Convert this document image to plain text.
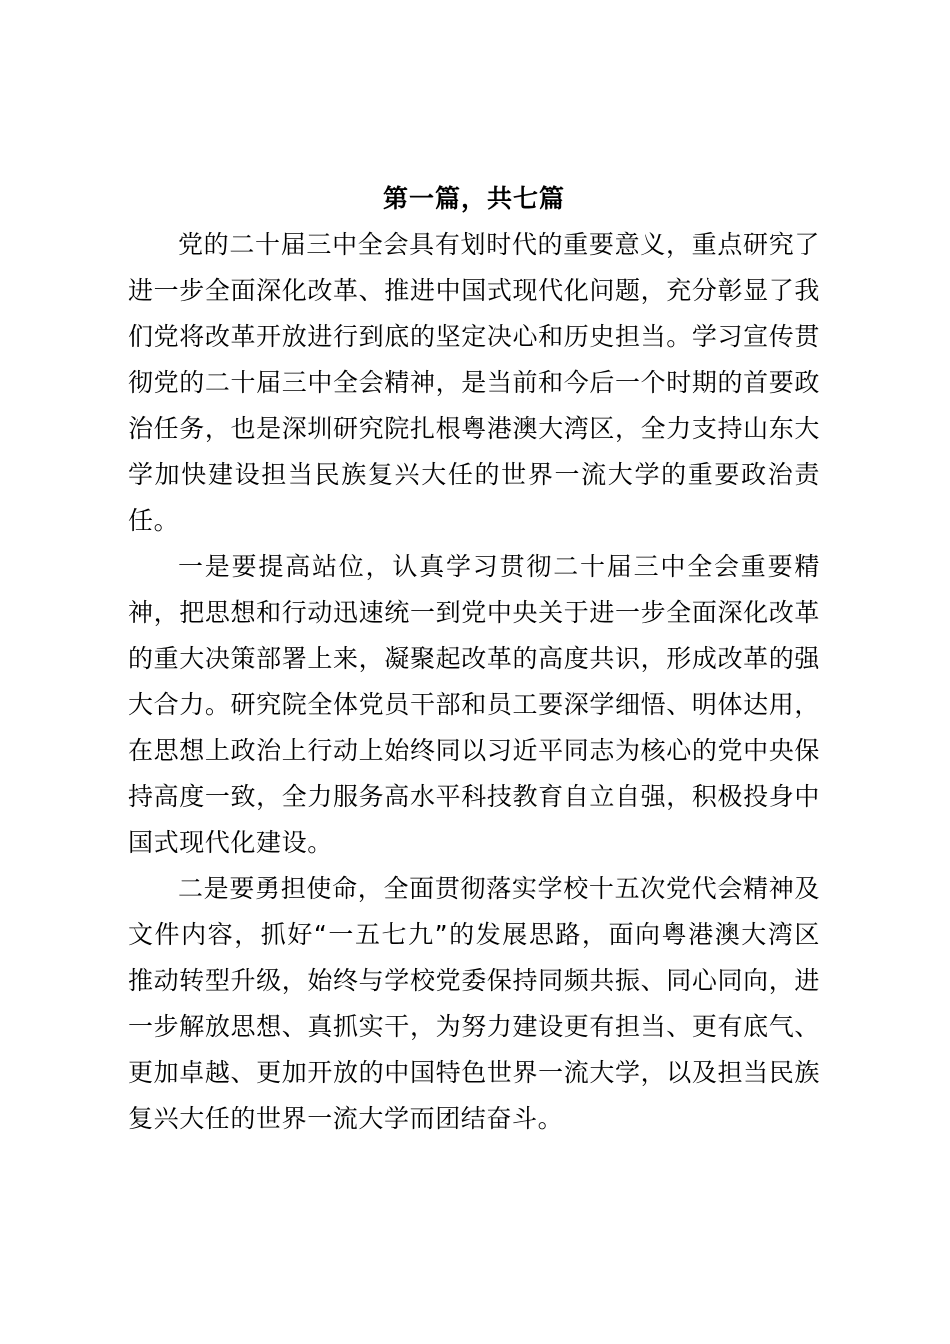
第一篇，共七篇

党的二十届三中全会具有划时代的重要意义，重点研究了进一步全面深化改革、推进中国式现代化问题，充分彰显了我们党将改革开放进行到底的坚定决心和历史担当。学习宣传贯彻党的二十届三中全会精神，是当前和今后一个时期的首要政治任务，也是深圳研究院扎根粤港澳大湾区，全力支持山东大学加快建设担当民族复兴大任的世界一流大学的重要政治责任。

一是要提高站位，认真学习贯彻二十届三中全会重要精神，把思想和行动迅速统一到党中央关于进一步全面深化改革的重大决策部署上来，凝聚起改革的高度共识，形成改革的强大合力。研究院全体党员干部和员工要深学细悟、明体达用，在思想上政治上行动上始终同以习近平同志为核心的党中央保持高度一致，全力服务高水平科技教育自立自强，积极投身中国式现代化建设。

二是要勇担使命，全面贯彻落实学校十五次党代会精神及文件内容，抓好“一五七九”的发展思路，面向粤港澳大湾区推动转型升级，始终与学校党委保持同频共振、同心同向，进一步解放思想、真抓实干，为努力建设更有担当、更有底气、更加卓越、更加开放的中国特色世界一流大学，以及担当民族复兴大任的世界一流大学而团结奋斗。
